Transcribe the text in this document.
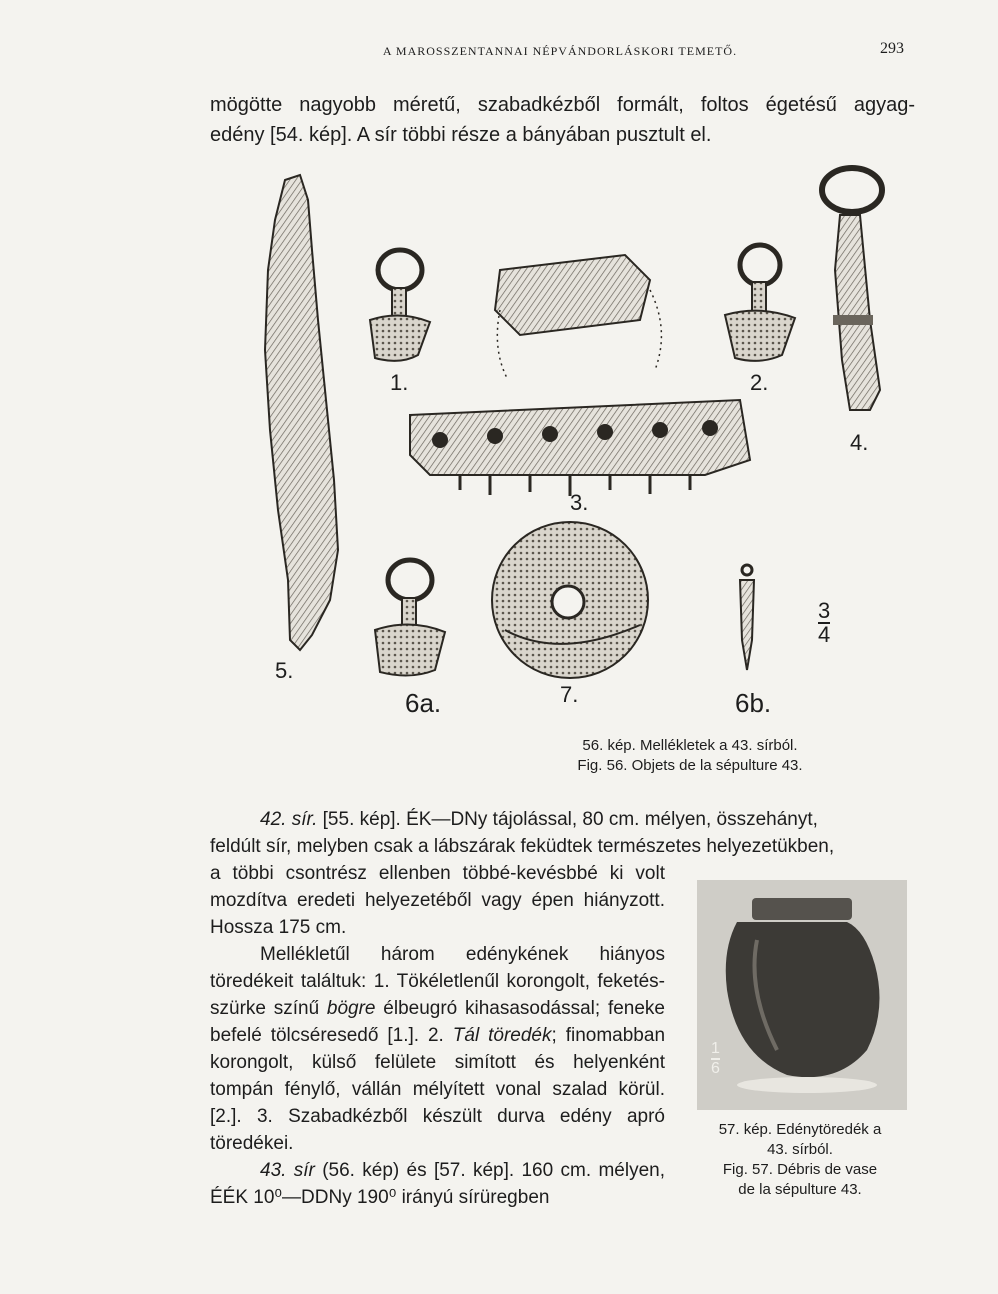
A MAROSSZENTANNAI NÉPVÁNDORLÁSKORI TEMETŐ.	293
mögötte nagyobb méretű, szabadkézből formált, foltos égetésű agyag-
edény [54. kép]. A sír többi része a bányában pusztult el.
1.	2.
3.
4.
5.
6a.	7.	6b.
$\frac{3}{4}$
56. kép. Mellékletek a 43. sírból.
Fig. 56. Objets de la sépulture 43.

42. sír. [55. kép]. ÉK—DNy tájolással, 80 cm. mélyen, összehányt,

feldúlt sír, melyben csak a lábszárak feküdtek természetes helyezetükben,

a többi csontrész ellenben többé-kevésbbé ki volt mozdítva eredeti helyezetéből vagy épen hiányzott. Hossza 175 cm.

Mellékletűl három edénykének hiányos töredékeit találtuk: 1. Tökéletlenűl korongolt, feketés-szürke színű bögre élbeugró kihasasodással; feneke befelé tölcséresedő [1.]. 2. Tál töredék; finomabban korongolt, külső felülete simított és helyenként tompán fénylő, vállán mélyített vonal szalad körül. [2.]. 3. Szabadkézből készült durva edény apró töredékei.

43. sír (56. kép) és [57. kép]. 160 cm. mélyen, ÉÉK 10⁰—DDNy 190⁰ irányú sírüregben

1
6
57. kép. Edénytöredék a
43. sírból.
Fig. 57. Débris de vase
de la sépulture 43.
